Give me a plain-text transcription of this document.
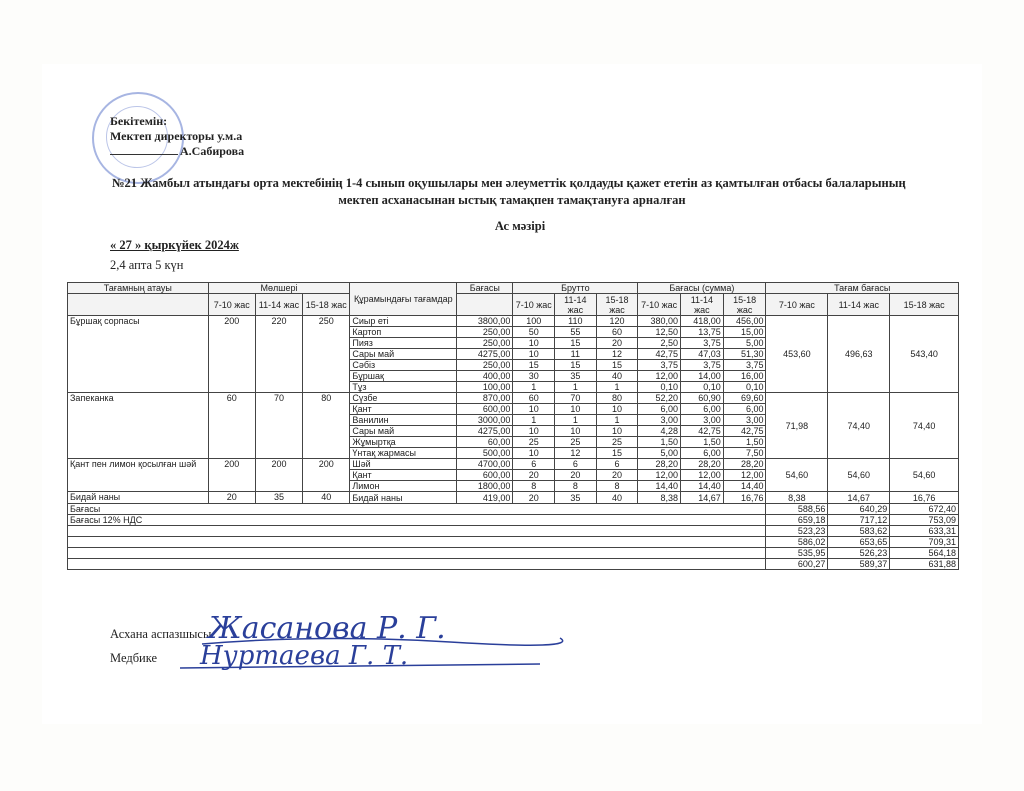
Бекітемін:
Мектеп директоры у.м.а
А.Сабирова
№21 Жамбыл атындағы орта мектебінің 1-4 сынып оқушылары мен әлеуметтік қолдауды қажет ететін аз қамтылған отбасы балаларының
мектеп асханасынан ыстық тамақпен тамақтануға арналған
Ас мәзірі
« 27 » қыркүйек 2024ж
2,4 апта 5 күн
Тағамның атауы	Мөлшері			Құрамындағы тағамдар	Бағасы	Брутто			Бағасы (сумма)			Тағам бағасы		
	7-10 жас	11-14 жас	15-18 жас			7-10 жас	11-14 жас	15-18 жас	7-10 жас	11-14 жас	15-18 жас	7-10 жас	11-14 жас	15-18 жас
Бұршақ сорпасы	200	220	250	Сиыр еті	3800,00	100	110	120	380,00	418,00	456,00	453,60	496,63	543,40
				Картоп	250,00	50	55	60	12,50	13,75	15,00			
				Пияз	250,00	10	15	20	2,50	3,75	5,00			
				Сары май	4275,00	10	11	12	42,75	47,03	51,30			
				Сәбіз	250,00	15	15	15	3,75	3,75	3,75			
				Бұршақ	400,00	30	35	40	12,00	14,00	16,00			
				Тұз	100,00	1	1	1	0,10	0,10	0,10			
Запеканка	60	70	80	Сүзбе	870,00	60	70	80	52,20	60,90	69,60	71,98	74,40	74,40
				Қант	600,00	10	10	10	6,00	6,00	6,00			
				Ванилин	3000,00	1	1	1	3,00	3,00	3,00			
				Сары май	4275,00	10	10	10	4,28	42,75	42,75			
				Жұмыртқа	60,00	25	25	25	1,50	1,50	1,50			
				Үнтақ жармасы	500,00	10	12	15	5,00	6,00	7,50			
Қант пен лимон қосылған шәй	200	200	200	Шәй	4700,00	6	6	6	28,20	28,20	28,20	54,60	54,60	54,60
				Қант	600,00	20	20	20	12,00	12,00	12,00			
				Лимон	1800,00	8	8	8	14,40	14,40	14,40			
Бидай наны	20	35	40	Бидай наны	419,00	20	35	40	8,38	14,67	16,76	8,38	14,67	16,76
Бағасы												588,56	640,29	672,40
Бағасы 12% НДС												659,18	717,12	753,09
												523,23	583,62	633,31
												586,02	653,65	709,31
												535,95	526,23	564,18
												600,27	589,37	631,88
Асхана аспазшысы
Жасанова Р. Г.
Медбике Нуртаева Г. Т.
